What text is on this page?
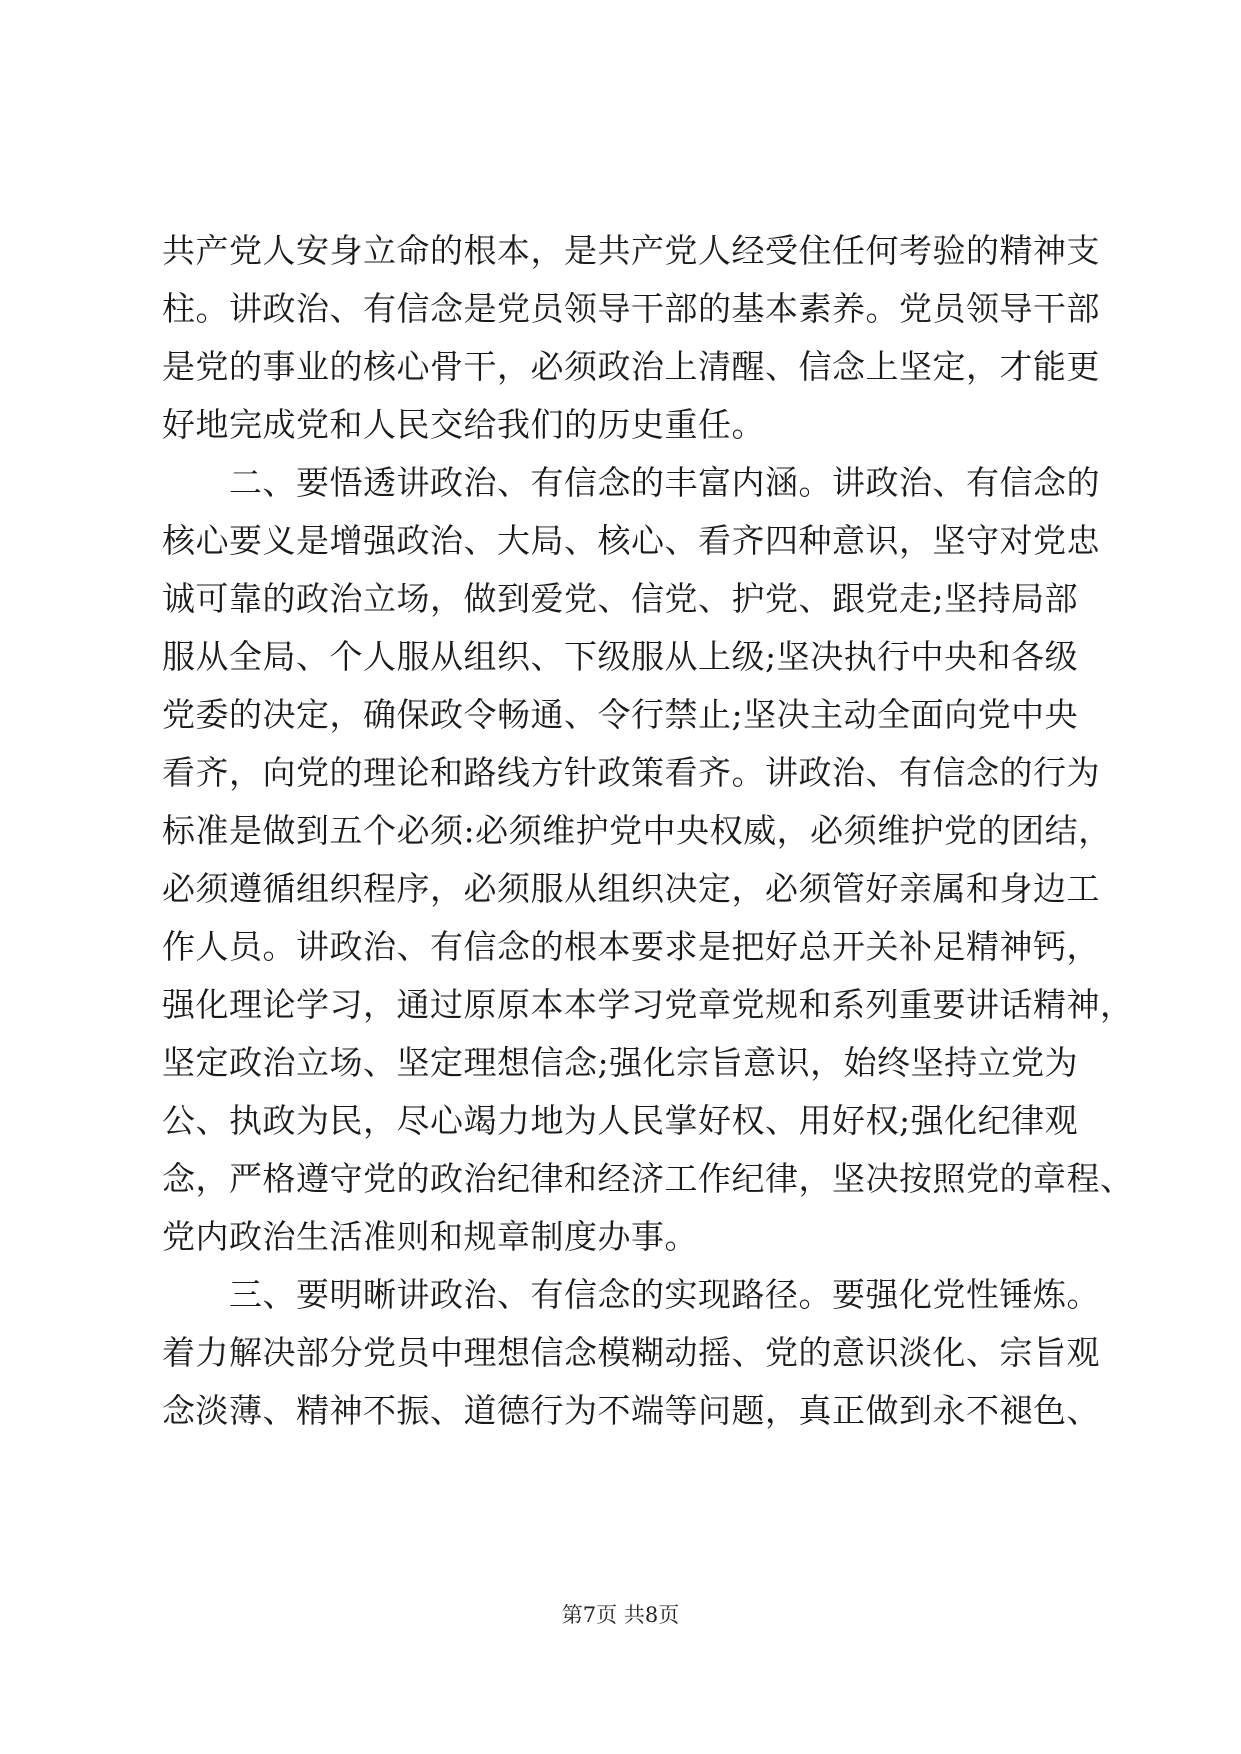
共产党人安身立命的根本，是共产党人经受住任何考验的精神支
柱。讲政治、有信念是党员领导干部的基本素养。党员领导干部
是党的事业的核心骨干，必须政治上清醒、信念上坚定，才能更
好地完成党和人民交给我们的历史重任。
　　二、要悟透讲政治、有信念的丰富内涵。讲政治、有信念的
核心要义是增强政治、大局、核心、看齐四种意识，坚守对党忠
诚可靠的政治立场，做到爱党、信党、护党、跟党走;坚持局部
服从全局、个人服从组织、下级服从上级;坚决执行中央和各级
党委的决定，确保政令畅通、令行禁止;坚决主动全面向党中央
看齐，向党的理论和路线方针政策看齐。讲政治、有信念的行为
标准是做到五个必须:必须维护党中央权威，必须维护党的团结，
必须遵循组织程序，必须服从组织决定，必须管好亲属和身边工
作人员。讲政治、有信念的根本要求是把好总开关补足精神钙，
强化理论学习，通过原原本本学习党章党规和系列重要讲话精神，
坚定政治立场、坚定理想信念;强化宗旨意识，始终坚持立党为
公、执政为民，尽心竭力地为人民掌好权、用好权;强化纪律观
念，严格遵守党的政治纪律和经济工作纪律，坚决按照党的章程、
党内政治生活准则和规章制度办事。
　　三、要明晰讲政治、有信念的实现路径。要强化党性锤炼。
着力解决部分党员中理想信念模糊动摇、党的意识淡化、宗旨观
念淡薄、精神不振、道德行为不端等问题，真正做到永不褪色、
第7页 共8页
